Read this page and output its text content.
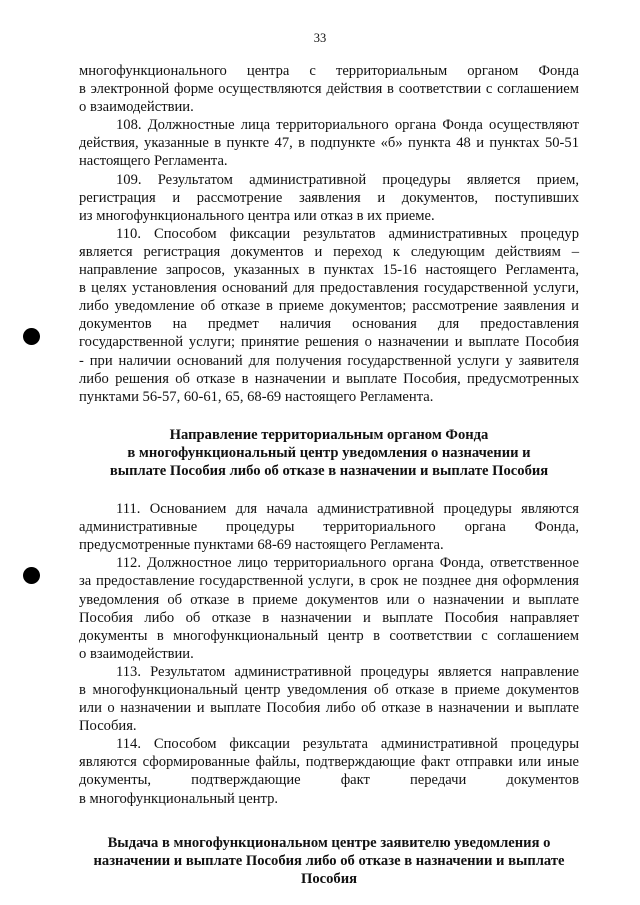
33

многофункционального центра с территориальным органом Фонда

в электронной форме осуществляются действия в соответствии с соглашением

о взаимодействии.

108. Должностные лица территориального органа Фонда осуществляют

действия, указанные в пункте 47, в подпункте «б» пункта 48 и пунктах 50-51

настоящего Регламента.

109. Результатом административной процедуры является прием,

регистрация и рассмотрение заявления и документов, поступивших

из многофункционального центра или отказ в их приеме.

110. Способом фиксации результатов административных процедур

является регистрация документов и переход к следующим действиям –

направление запросов, указанных в пунктах 15-16 настоящего Регламента,

в целях установления оснований для предоставления государственной услуги,

либо уведомление об отказе в приеме документов; рассмотрение заявления и

документов на предмет наличия основания для предоставления

государственной услуги; принятие решения о назначении и выплате Пособия

- при наличии оснований для получения государственной услуги у заявителя

либо решения об отказе в назначении и выплате Пособия, предусмотренных

пунктами 56-57, 60-61, 65, 68-69 настоящего Регламента.

Направление территориальным органом Фонда
в многофункциональный центр уведомления о назначении и
выплате Пособия либо об отказе в назначении и выплате Пособия

111. Основанием для начала административной процедуры являются

административные процедуры территориального органа Фонда,

предусмотренные пунктами 68-69 настоящего Регламента.

112. Должностное лицо территориального органа Фонда, ответственное

за предоставление государственной услуги, в срок не позднее дня оформления

уведомления об отказе в приеме документов или о назначении и выплате

Пособия либо об отказе в назначении и выплате Пособия направляет

документы в многофункциональный центр в соответствии с соглашением

о взаимодействии.

113. Результатом административной процедуры является направление

в многофункциональный центр уведомления об отказе в приеме документов

или о назначении и выплате Пособия либо об отказе в назначении и выплате

Пособия.

114. Способом фиксации результата административной процедуры

являются сформированные файлы, подтверждающие факт отправки или иные

документы, подтверждающие факт передачи документов

в многофункциональный центр.

Выдача в многофункциональном центре заявителю уведомления о
назначении и выплате Пособия либо об отказе в назначении и выплате
Пособия
